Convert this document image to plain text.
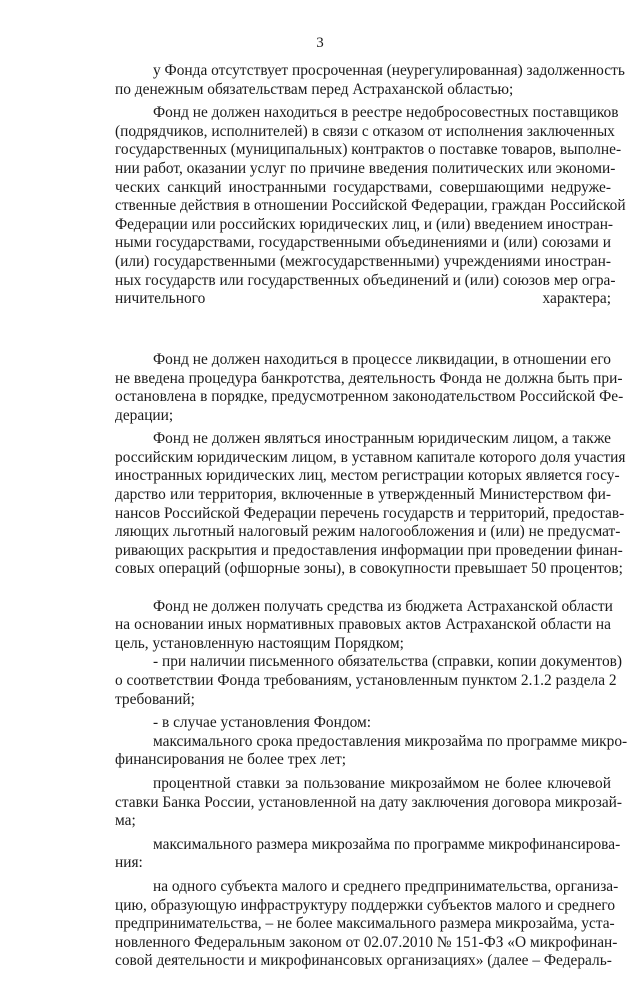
3
у Фонда отсутствует просроченная (неурегулированная) задолженность
по денежным обязательствам перед Астраханской областью;
Фонд не должен находиться в реестре недобросовестных поставщиков
(подрядчиков, исполнителей) в связи с отказом от исполнения заключенных
государственных (муниципальных) контрактов о поставке товаров, выполне-
нии работ, оказании услуг по причине введения политических или экономи-
ческих санкций иностранными государствами, совершающими недруже-
ственные действия в отношении Российской Федерации, граждан Российской
Федерации или российских юридических лиц, и (или) введением иностран-
ными государствами, государственными объединениями и (или) союзами и
(или) государственными (межгосударственными) учреждениями иностран-
ных государств или государственных объединений и (или) союзов мер огра-
ничительного характера;
Фонд не должен находиться в процессе ликвидации, в отношении его
не введена процедура банкротства, деятельность Фонда не должна быть при-
остановлена в порядке, предусмотренном законодательством Российской Фе-
дерации;
Фонд не должен являться иностранным юридическим лицом, а также
российским юридическим лицом, в уставном капитале которого доля участия
иностранных юридических лиц, местом регистрации которых является госу-
дарство или территория, включенные в утвержденный Министерством фи-
нансов Российской Федерации перечень государств и территорий, предостав-
ляющих льготный налоговый режим налогообложения и (или) не предусмат-
ривающих раскрытия и предоставления информации при проведении финан-
совых операций (офшорные зоны), в совокупности превышает 50 процентов;
Фонд не должен получать средства из бюджета Астраханской области
на основании иных нормативных правовых актов Астраханской области на
цель, установленную настоящим Порядком;
- при наличии письменного обязательства (справки, копии документов)
о соответствии Фонда требованиям, установленным пунктом 2.1.2 раздела 2
требований;
- в случае установления Фондом:
максимального срока предоставления микрозайма по программе микро-
финансирования не более трех лет;
процентной ставки за пользование микрозаймом не более ключевой
ставки Банка России, установленной на дату заключения договора микрозай-
ма;
максимального размера микрозайма по программе микрофинансирова-
ния:
на одного субъекта малого и среднего предпринимательства, организа-
цию, образующую инфраструктуру поддержки субъектов малого и среднего
предпринимательства, – не более максимального размера микрозайма, уста-
новленного Федеральным законом от 02.07.2010 № 151-ФЗ «О микрофинан-
совой деятельности и микрофинансовых организациях» (далее – Федераль-
